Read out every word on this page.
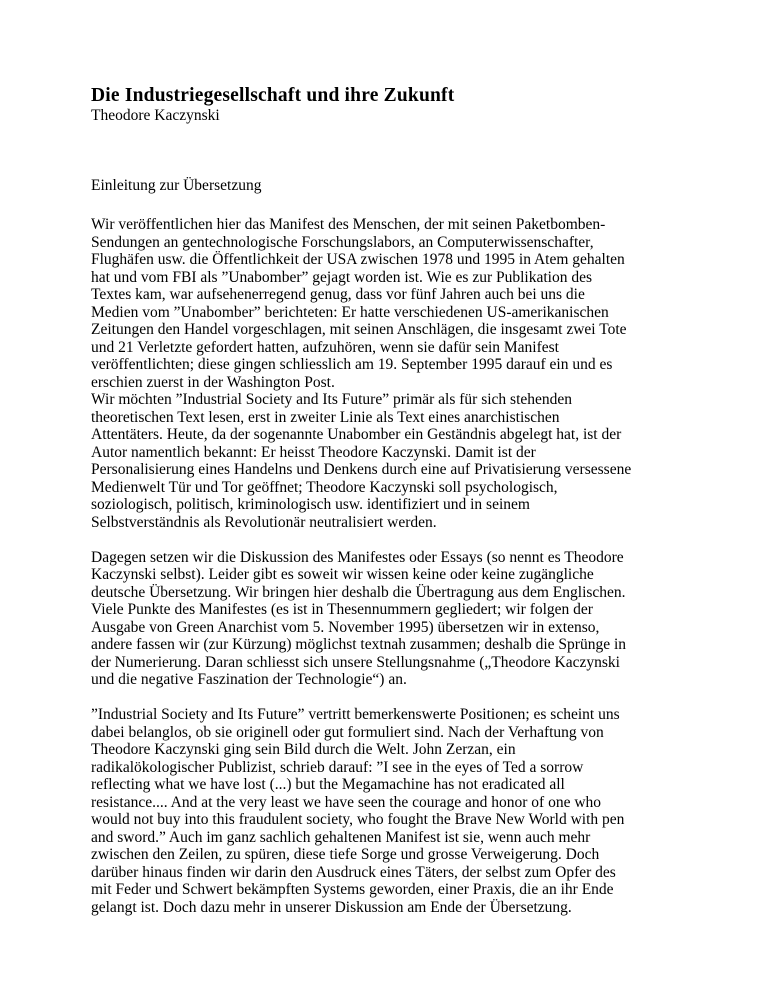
Die Industriegesellschaft und ihre Zukunft
Theodore Kaczynski
Einleitung zur Übersetzung
Wir veröffentlichen hier das Manifest des Menschen, der mit seinen Paketbomben-
Sendungen an gentechnologische Forschungslabors, an Computerwissenschafter,
Flughäfen usw. die Öffentlichkeit der USA zwischen 1978 und 1995 in Atem gehalten
hat und vom FBI als ”Unabomber” gejagt worden ist. Wie es zur Publikation des
Textes kam, war aufsehenerregend genug, dass vor fünf Jahren auch bei uns die
Medien vom ”Unabomber” berichteten: Er hatte verschiedenen US-amerikanischen
Zeitungen den Handel vorgeschlagen, mit seinen Anschlägen, die insgesamt zwei Tote
und 21 Verletzte gefordert hatten, aufzuhören, wenn sie dafür sein Manifest
veröffentlichten; diese gingen schliesslich am 19. September 1995 darauf ein und es
erschien zuerst in der Washington Post.
Wir möchten ”Industrial Society and Its Future” primär als für sich stehenden
theoretischen Text lesen, erst in zweiter Linie als Text eines anarchistischen
Attentäters. Heute, da der sogenannte Unabomber ein Geständnis abgelegt hat, ist der
Autor namentlich bekannt: Er heisst Theodore Kaczynski. Damit ist der
Personalisierung eines Handelns und Denkens durch eine auf Privatisierung versessene
Medienwelt Tür und Tor geöffnet; Theodore Kaczynski soll psychologisch,
soziologisch, politisch, kriminologisch usw. identifiziert und in seinem
Selbstverständnis als Revolutionär neutralisiert werden.
Dagegen setzen wir die Diskussion des Manifestes oder Essays (so nennt es Theodore
Kaczynski selbst). Leider gibt es soweit wir wissen keine oder keine zugängliche
deutsche Übersetzung. Wir bringen hier deshalb die Übertragung aus dem Englischen.
Viele Punkte des Manifestes (es ist in Thesennummern gegliedert; wir folgen der
Ausgabe von Green Anarchist vom 5. November 1995) übersetzen wir in extenso,
andere fassen wir (zur Kürzung) möglichst textnah zusammen; deshalb die Sprünge in
der Numerierung. Daran schliesst sich unsere Stellungsnahme („Theodore Kaczynski
und die negative Faszination der Technologie“) an.
”Industrial Society and Its Future” vertritt bemerkenswerte Positionen; es scheint uns
dabei belanglos, ob sie originell oder gut formuliert sind. Nach der Verhaftung von
Theodore Kaczynski ging sein Bild durch die Welt. John Zerzan, ein
radikalökologischer Publizist, schrieb darauf: ”I see in the eyes of Ted a sorrow
reflecting what we have lost (...) but the Megamachine has not eradicated all
resistance.... And at the very least we have seen the courage and honor of one who
would not buy into this fraudulent society, who fought the Brave New World with pen
and sword.” Auch im ganz sachlich gehaltenen Manifest ist sie, wenn auch mehr
zwischen den Zeilen, zu spüren, diese tiefe Sorge und grosse Verweigerung. Doch
darüber hinaus finden wir darin den Ausdruck eines Täters, der selbst zum Opfer des
mit Feder und Schwert bekämpften Systems geworden, einer Praxis, die an ihr Ende
gelangt ist. Doch dazu mehr in unserer Diskussion am Ende der Übersetzung.
